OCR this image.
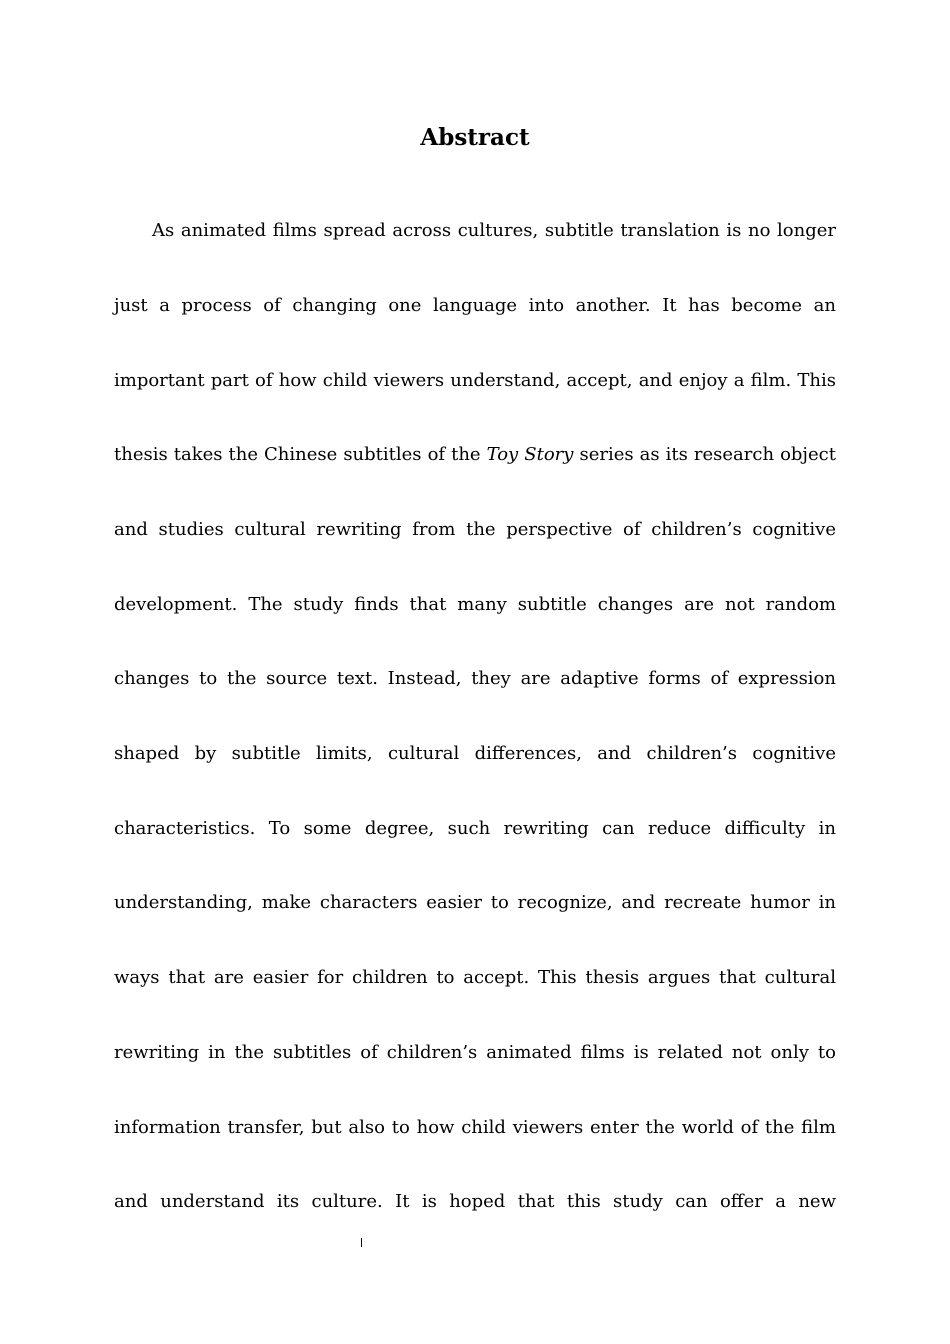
Abstract
As animated films spread across cultures, subtitle translation is no longer
just a process of changing one language into another. It has become an
important part of how child viewers understand, accept, and enjoy a film. This
thesis takes the Chinese subtitles of the Toy Story series as its research object
and studies cultural rewriting from the perspective of children’s cognitive
development. The study finds that many subtitle changes are not random
changes to the source text. Instead, they are adaptive forms of expression
shaped by subtitle limits, cultural differences, and children’s cognitive
characteristics. To some degree, such rewriting can reduce difficulty in
understanding, make characters easier to recognize, and recreate humor in
ways that are easier for children to accept. This thesis argues that cultural
rewriting in the subtitles of children’s animated films is related not only to
information transfer, but also to how child viewers enter the world of the film
and understand its culture. It is hoped that this study can offer a new
